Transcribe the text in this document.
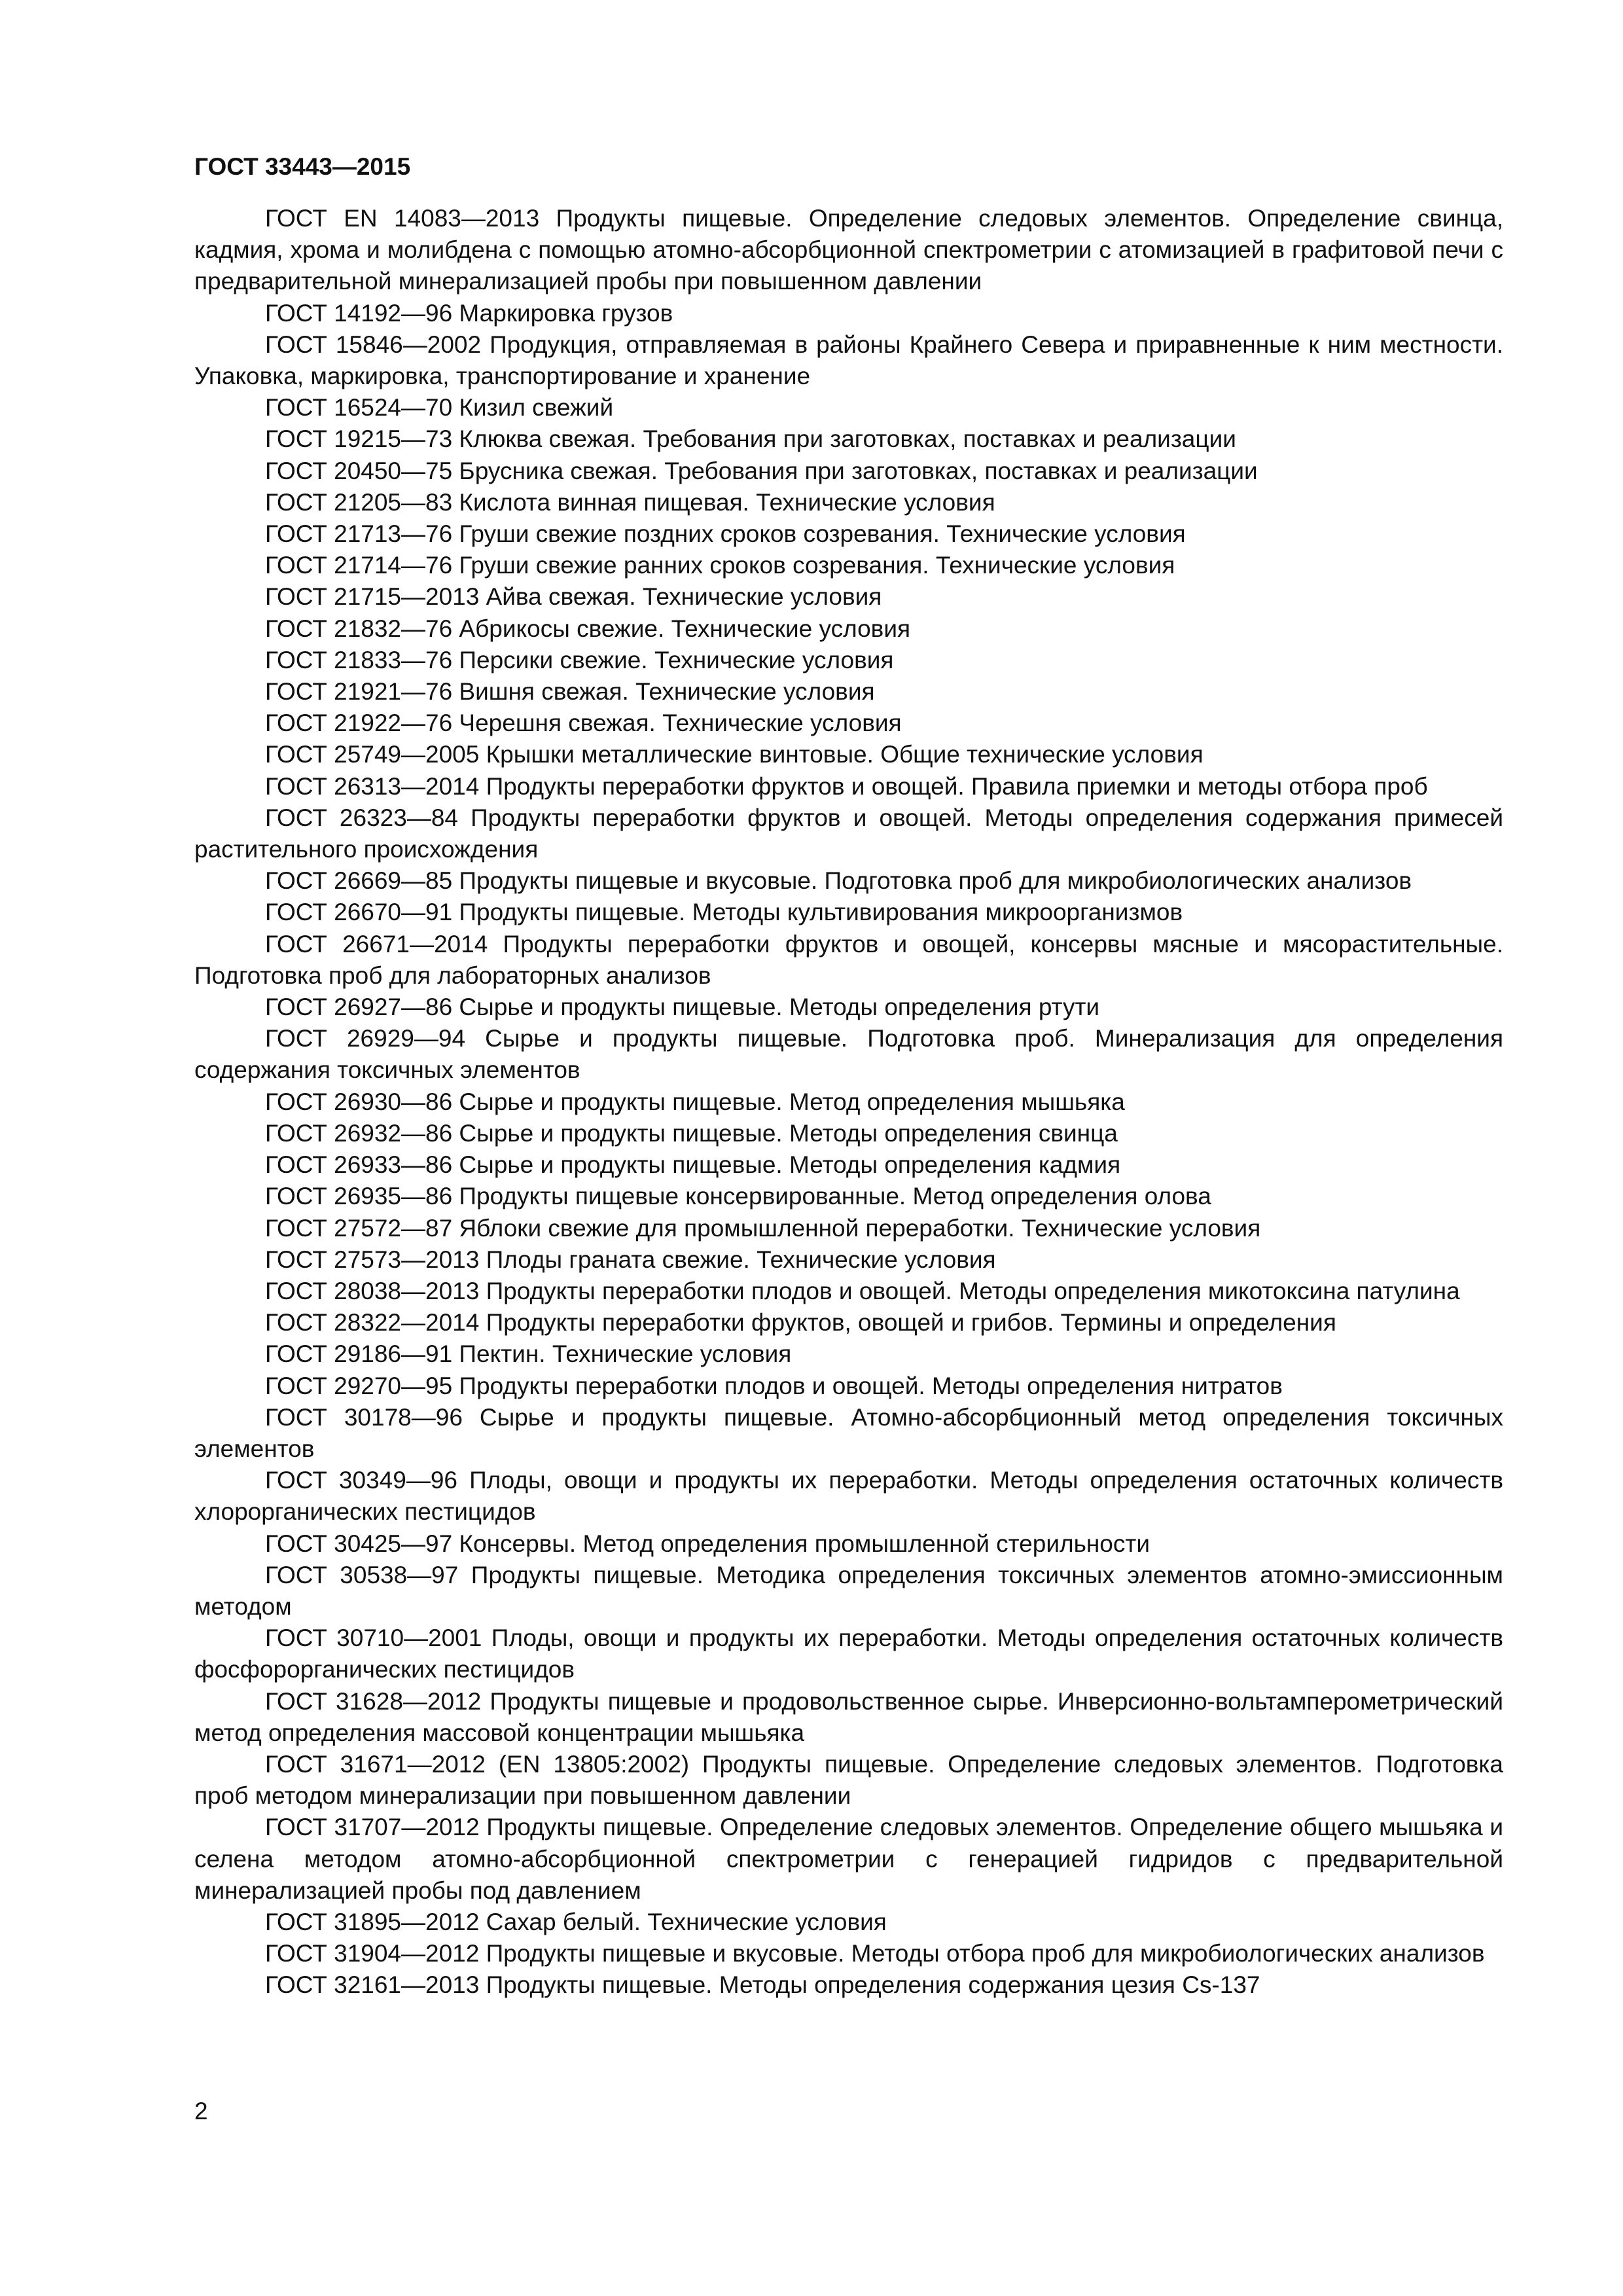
ГОСТ 33443—2015
ГОСТ EN 14083—2013 Продукты пищевые. Определение следовых элементов. Определение свинца, кадмия, хрома и молибдена с помощью атомно-абсорбционной спектрометрии с атомизацией в графитовой печи с предварительной минерализацией пробы при повышенном давлении
ГОСТ 14192—96 Маркировка грузов
ГОСТ 15846—2002 Продукция, отправляемая в районы Крайнего Севера и приравненные к ним местности. Упаковка, маркировка, транспортирование и хранение
ГОСТ 16524—70 Кизил свежий
ГОСТ 19215—73 Клюква свежая. Требования при заготовках, поставках и реализации
ГОСТ 20450—75 Брусника свежая. Требования при заготовках, поставках и реализации
ГОСТ 21205—83 Кислота винная пищевая. Технические условия
ГОСТ 21713—76 Груши свежие поздних сроков созревания. Технические условия
ГОСТ 21714—76 Груши свежие ранних сроков созревания. Технические условия
ГОСТ 21715—2013 Айва свежая. Технические условия
ГОСТ 21832—76 Абрикосы свежие. Технические условия
ГОСТ 21833—76 Персики свежие. Технические условия
ГОСТ 21921—76 Вишня свежая. Технические условия
ГОСТ 21922—76 Черешня свежая. Технические условия
ГОСТ 25749—2005 Крышки металлические винтовые. Общие технические условия
ГОСТ 26313—2014 Продукты переработки фруктов и овощей. Правила приемки и методы отбора проб
ГОСТ 26323—84 Продукты переработки фруктов и овощей. Методы определения содержания примесей растительного происхождения
ГОСТ 26669—85 Продукты пищевые и вкусовые. Подготовка проб для микробиологических анализов
ГОСТ 26670—91 Продукты пищевые. Методы культивирования микроорганизмов
ГОСТ 26671—2014 Продукты переработки фруктов и овощей, консервы мясные и мясорастительные. Подготовка проб для лабораторных анализов
ГОСТ 26927—86 Сырье и продукты пищевые. Методы определения ртути
ГОСТ 26929—94 Сырье и продукты пищевые. Подготовка проб. Минерализация для определения содержания токсичных элементов
ГОСТ 26930—86 Сырье и продукты пищевые. Метод определения мышьяка
ГОСТ 26932—86 Сырье и продукты пищевые. Методы определения свинца
ГОСТ 26933—86 Сырье и продукты пищевые. Методы определения кадмия
ГОСТ 26935—86 Продукты пищевые консервированные. Метод определения олова
ГОСТ 27572—87 Яблоки свежие для промышленной переработки. Технические условия
ГОСТ 27573—2013 Плоды граната свежие. Технические условия
ГОСТ 28038—2013 Продукты переработки плодов и овощей. Методы определения микотоксина патулина
ГОСТ 28322—2014 Продукты переработки фруктов, овощей и грибов. Термины и определения
ГОСТ 29186—91 Пектин. Технические условия
ГОСТ 29270—95 Продукты переработки плодов и овощей. Методы определения нитратов
ГОСТ 30178—96 Сырье и продукты пищевые. Атомно-абсорбционный метод определения токсичных элементов
ГОСТ 30349—96 Плоды, овощи и продукты их переработки. Методы определения остаточных количеств хлорорганических пестицидов
ГОСТ 30425—97 Консервы. Метод определения промышленной стерильности
ГОСТ 30538—97 Продукты пищевые. Методика определения токсичных элементов атомно-эмиссионным методом
ГОСТ 30710—2001 Плоды, овощи и продукты их переработки. Методы определения остаточных количеств фосфорорганических пестицидов
ГОСТ 31628—2012 Продукты пищевые и продовольственное сырье. Инверсионно-вольтамперометрический метод определения массовой концентрации мышьяка
ГОСТ 31671—2012 (EN 13805:2002) Продукты пищевые. Определение следовых элементов. Подготовка проб методом минерализации при повышенном давлении
ГОСТ 31707—2012 Продукты пищевые. Определение следовых элементов. Определение общего мышьяка и селена методом атомно-абсорбционной спектрометрии с генерацией гидридов с предварительной минерализацией пробы под давлением
ГОСТ 31895—2012 Сахар белый. Технические условия
ГОСТ 31904—2012 Продукты пищевые и вкусовые. Методы отбора проб для микробиологических анализов
ГОСТ 32161—2013 Продукты пищевые. Методы определения содержания цезия Cs-137

2
